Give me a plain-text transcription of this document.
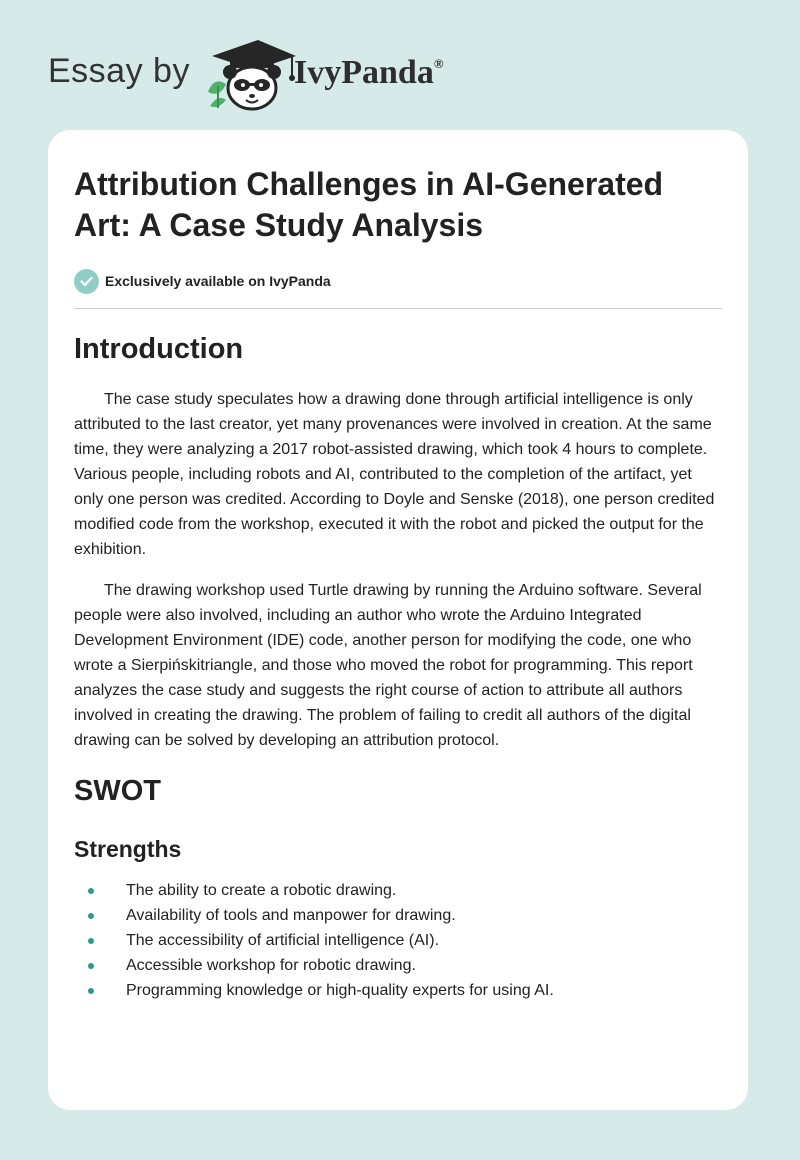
Essay by	IvyPanda®
Attribution Challenges in AI-Generated Art: A Case Study Analysis
Exclusively available on IvyPanda
Introduction

The case study speculates how a drawing done through artificial intelligence is only attributed to the last creator, yet many provenances were involved in creation. At the same time, they were analyzing a 2017 robot-assisted drawing, which took 4 hours to complete. Various people, including robots and AI, contributed to the completion of the artifact, yet only one person was credited. According to Doyle and Senske (2018), one person credited modified code from the workshop, executed it with the robot and picked the output for the exhibition.

The drawing workshop used Turtle drawing by running the Arduino software. Several people were also involved, including an author who wrote the Arduino Integrated Development Environment (IDE) code, another person for modifying the code, one who wrote a Sierpińskitriangle, and those who moved the robot for programming. This report analyzes the case study and suggests the right course of action to attribute all authors involved in creating the drawing. The problem of failing to credit all authors of the digital drawing can be solved by developing an attribution protocol.

SWOT
Strengths
The ability to create a robotic drawing.
Availability of tools and manpower for drawing.
The accessibility of artificial intelligence (AI).
Accessible workshop for robotic drawing.
Programming knowledge or high-quality experts for using AI.
